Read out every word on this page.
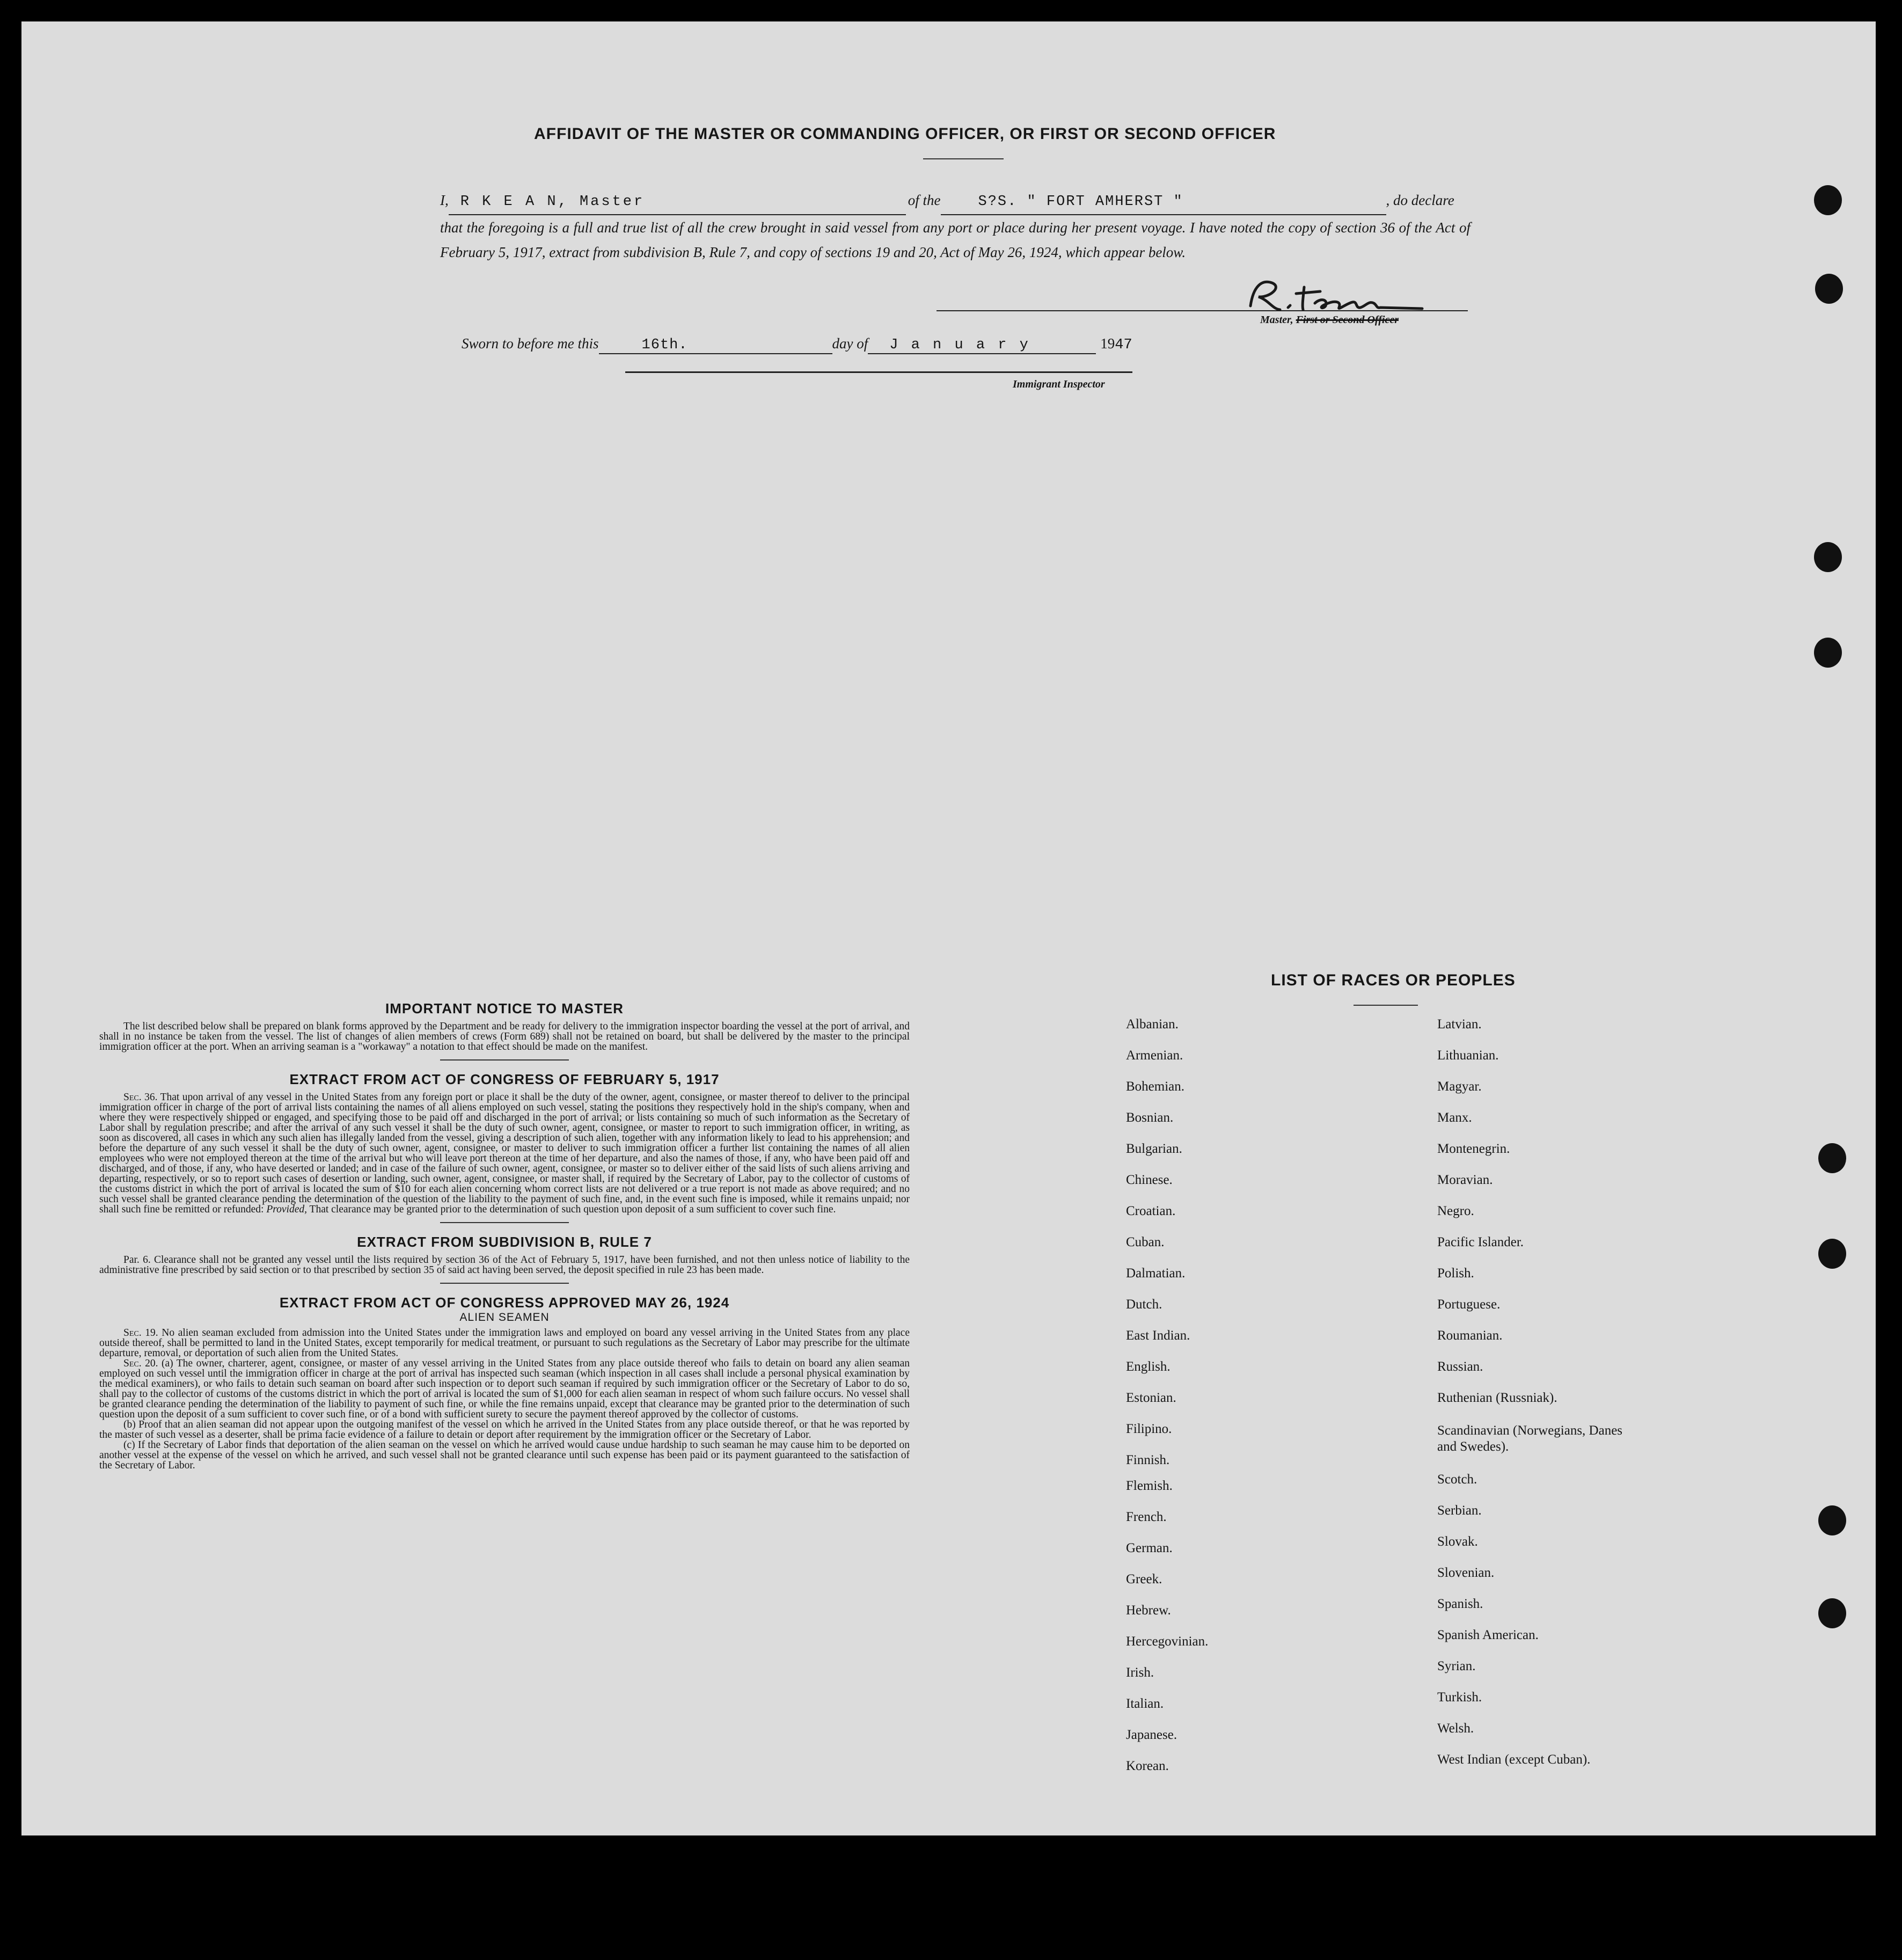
AFFIDAVIT OF THE MASTER OR COMMANDING OFFICER, OR FIRST OR SECOND OFFICER
I, R K E A N, Master	of the	S?S. " FORT AMHERST "	, do declare
that the foregoing is a full and true list of all the crew brought in said vessel from any port or place during her present voyage. I have noted the copy of section 36 of the Act of February 5, 1917, extract from subdivision B, Rule 7, and copy of sections 19 and 20, Act of May 26, 1924, which appear below.
Master, First or Second Officer
Sworn to before me this	16th.	day of	J a n u a r y	19 47
Immigrant Inspector
IMPORTANT NOTICE TO MASTER

The list described below shall be prepared on blank forms approved by the Department and be ready for delivery to the immigration inspector boarding the vessel at the port of arrival, and shall in no instance be taken from the vessel. The list of changes of alien members of crews (Form 689) shall not be retained on board, but shall be delivered by the master to the principal immigration officer at the port. When an arriving seaman is a "workaway" a notation to that effect should be made on the manifest.

EXTRACT FROM ACT OF CONGRESS OF FEBRUARY 5, 1917

Sec. 36. That upon arrival of any vessel in the United States from any foreign port or place it shall be the duty of the owner, agent, consignee, or master thereof to deliver to the principal immigration officer in charge of the port of arrival lists containing the names of all aliens employed on such vessel, stating the positions they respectively hold in the ship's company, when and where they were respectively shipped or engaged, and specifying those to be paid off and discharged in the port of arrival; or lists containing so much of such information as the Secretary of Labor shall by regulation prescribe; and after the arrival of any such vessel it shall be the duty of such owner, agent, consignee, or master to report to such immigration officer, in writing, as soon as discovered, all cases in which any such alien has illegally landed from the vessel, giving a description of such alien, together with any information likely to lead to his apprehension; and before the departure of any such vessel it shall be the duty of such owner, agent, consignee, or master to deliver to such immigration officer a further list containing the names of all alien employees who were not employed thereon at the time of the arrival but who will leave port thereon at the time of her departure, and also the names of those, if any, who have been paid off and discharged, and of those, if any, who have deserted or landed; and in case of the failure of such owner, agent, consignee, or master so to deliver either of the said lists of such aliens arriving and departing, respectively, or so to report such cases of desertion or landing, such owner, agent, consignee, or master shall, if required by the Secretary of Labor, pay to the collector of customs of the customs district in which the port of arrival is located the sum of $10 for each alien concerning whom correct lists are not delivered or a true report is not made as above required; and no such vessel shall be granted clearance pending the determination of the question of the liability to the payment of such fine, and, in the event such fine is imposed, while it remains unpaid; nor shall such fine be remitted or refunded: Provided, That clearance may be granted prior to the determination of such question upon deposit of a sum sufficient to cover such fine.

EXTRACT FROM SUBDIVISION B, RULE 7

Par. 6. Clearance shall not be granted any vessel until the lists required by section 36 of the Act of February 5, 1917, have been furnished, and not then unless notice of liability to the administrative fine prescribed by said section or to that prescribed by section 35 of said act having been served, the deposit specified in rule 23 has been made.

EXTRACT FROM ACT OF CONGRESS APPROVED MAY 26, 1924
ALIEN SEAMEN

Sec. 19. No alien seaman excluded from admission into the United States under the immigration laws and employed on board any vessel arriving in the United States from any place outside thereof, shall be permitted to land in the United States, except temporarily for medical treatment, or pursuant to such regulations as the Secretary of Labor may prescribe for the ultimate departure, removal, or deportation of such alien from the United States.

Sec. 20. (a) The owner, charterer, agent, consignee, or master of any vessel arriving in the United States from any place outside thereof who fails to detain on board any alien seaman employed on such vessel until the immigration officer in charge at the port of arrival has inspected such seaman (which inspection in all cases shall include a personal physical examination by the medical examiners), or who fails to detain such seaman on board after such inspection or to deport such seaman if required by such immigration officer or the Secretary of Labor to do so, shall pay to the collector of customs of the customs district in which the port of arrival is located the sum of $1,000 for each alien seaman in respect of whom such failure occurs. No vessel shall be granted clearance pending the determination of the liability to payment of such fine, or while the fine remains unpaid, except that clearance may be granted prior to the determination of such question upon the deposit of a sum sufficient to cover such fine, or of a bond with sufficient surety to secure the payment thereof approved by the collector of customs.

(b) Proof that an alien seaman did not appear upon the outgoing manifest of the vessel on which he arrived in the United States from any place outside thereof, or that he was reported by the master of such vessel as a deserter, shall be prima facie evidence of a failure to detain or deport after requirement by the immigration officer or the Secretary of Labor.

(c) If the Secretary of Labor finds that deportation of the alien seaman on the vessel on which he arrived would cause undue hardship to such seaman he may cause him to be deported on another vessel at the expense of the vessel on which he arrived, and such vessel shall not be granted clearance until such expense has been paid or its payment guaranteed to the satisfaction of the Secretary of Labor.

LIST OF RACES OR PEOPLES
Albanian.
Armenian.
Bohemian.
Bosnian.
Bulgarian.
Chinese.
Croatian.
Cuban.
Dalmatian.
Dutch.
East Indian.
English.
Estonian.
Filipino.
Finnish.
Flemish.
French.
German.
Greek.
Hebrew.
Hercegovinian.
Irish.
Italian.
Japanese.
Korean.
Latvian.
Lithuanian.
Magyar.
Manx.
Montenegrin.
Moravian.
Negro.
Pacific Islander.
Polish.
Portuguese.
Roumanian.
Russian.
Ruthenian (Russniak).
Scandinavian (Norwegians, Danes and Swedes).
Scotch.
Serbian.
Slovak.
Slovenian.
Spanish.
Spanish American.
Syrian.
Turkish.
Welsh.
West Indian (except Cuban).
